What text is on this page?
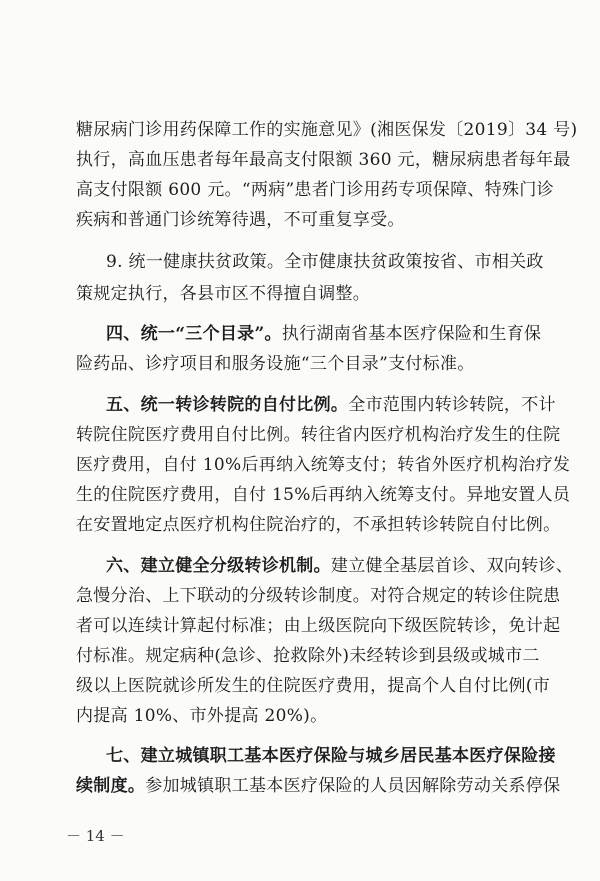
糖尿病门诊用药保障工作的实施意见》(湘医保发〔2019〕34 号)
执行，高血压患者每年最高支付限额 360 元，糖尿病患者每年最
高支付限额 600 元。“两病”患者门诊用药专项保障、特殊门诊
疾病和普通门诊统筹待遇，不可重复享受。
9. 统一健康扶贫政策。全市健康扶贫政策按省、市相关政
策规定执行，各县市区不得擅自调整。
四、统一“三个目录”。执行湖南省基本医疗保险和生育保
险药品、诊疗项目和服务设施“三个目录”支付标准。
五、统一转诊转院的自付比例。全市范围内转诊转院，不计
转院住院医疗费用自付比例。转往省内医疗机构治疗发生的住院
医疗费用，自付 10%后再纳入统筹支付；转省外医疗机构治疗发
生的住院医疗费用，自付 15%后再纳入统筹支付。异地安置人员
在安置地定点医疗机构住院治疗的，不承担转诊转院自付比例。
六、建立健全分级转诊机制。建立健全基层首诊、双向转诊、
急慢分治、上下联动的分级转诊制度。对符合规定的转诊住院患
者可以连续计算起付标准；由上级医院向下级医院转诊，免计起
付标准。规定病种(急诊、抢救除外)未经转诊到县级或城市二
级以上医院就诊所发生的住院医疗费用，提高个人自付比例(市
内提高 10%、市外提高 20%)。
七、建立城镇职工基本医疗保险与城乡居民基本医疗保险接
续制度。参加城镇职工基本医疗保险的人员因解除劳动关系停保
－ 14 －
